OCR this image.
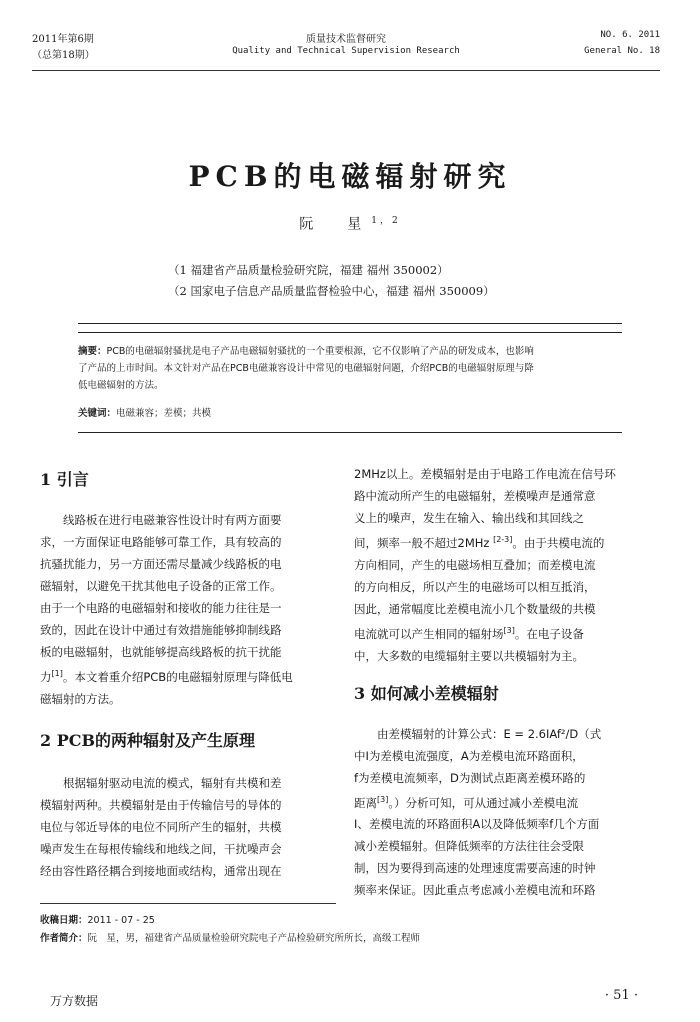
2011年第6期	质量技术监督研究	NO. 6. 2011
（总第18期）	Quality and Technical Supervision Research	General No. 18
PCB的电磁辐射研究
阮　星$^{1,2}$
（1 福建省产品质量检验研究院，福建 福州 350002）
（2 国家电子信息产品质量监督检验中心，福建 福州 350009）
摘要：PCB的电磁辐射骚扰是电子产品电磁辐射骚扰的一个重要根源，它不仅影响了产品的研发成本，也影响
了产品的上市时间。本文针对产品在PCB电磁兼容设计中常见的电磁辐射问题，介绍PCB的电磁辐射原理与降
低电磁辐射的方法。
关键词：电磁兼容；差模；共模
1 引言

　　线路板在进行电磁兼容性设计时有两方面要
求，一方面保证电路能够可靠工作，具有较高的
抗骚扰能力，另一方面还需尽量减少线路板的电
磁辐射，以避免干扰其他电子设备的正常工作。
由于一个电路的电磁辐射和接收的能力往往是一
致的，因此在设计中通过有效措施能够抑制线路
板的电磁辐射，也就能够提高线路板的抗干扰能
力[1]。本文着重介绍PCB的电磁辐射原理与降低电
磁辐射的方法。

2 PCB的两种辐射及产生原理

　　根据辐射驱动电流的模式，辐射有共模和差
模辐射两种。共模辐射是由于传输信号的导体的
电位与邻近导体的电位不同所产生的辐射，共模
噪声发生在每根传输线和地线之间，干扰噪声会
经由容性路径耦合到接地面或结构，通常出现在

2MHz以上。差模辐射是由于电路工作电流在信号环
路中流动所产生的电磁辐射，差模噪声是通常意
义上的噪声，发生在输入、输出线和其回线之
间，频率一般不超过2MHz [2-3]。由于共模电流的
方向相同，产生的电磁场相互叠加；而差模电流
的方向相反，所以产生的电磁场可以相互抵消，
因此，通常幅度比差模电流小几个数量级的共模
电流就可以产生相同的辐射场[3]。在电子设备
中，大多数的电缆辐射主要以共模辐射为主。

3 如何减小差模辐射

　　由差模辐射的计算公式：E = 2.6IAf²/D（式
中I为差模电流强度，A为差模电流环路面积，
f为差模电流频率，D为测试点距离差模环路的
距离[3]。）分析可知，可从通过减小差模电流
I、差模电流的环路面积A以及降低频率f几个方面
减小差模辐射。但降低频率的方法往往会受限
制，因为要得到高速的处理速度需要高速的时钟
频率来保证。因此重点考虑减小差模电流和环路

收稿日期：2011 - 07 - 25
作者简介：阮　星，男，福建省产品质量检验研究院电子产品检验研究所所长，高级工程师
万方数据	· 51 ·
